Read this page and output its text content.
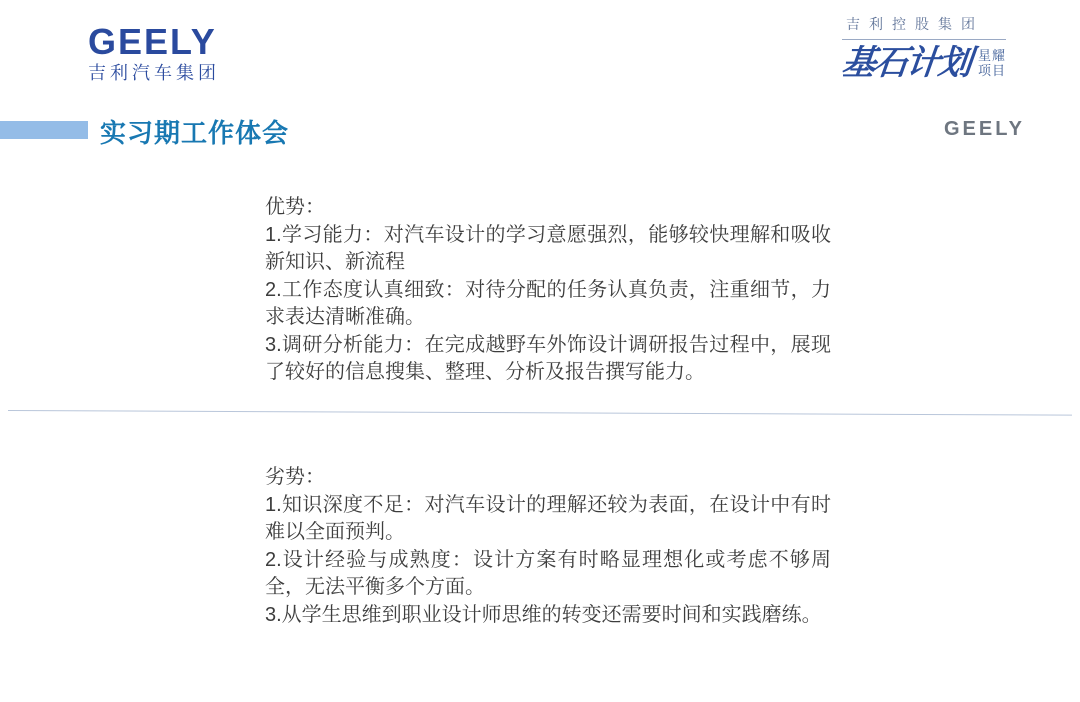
GEELY
吉利汽车集团
吉利控股集团
基石计划 星耀
项目
实习期工作体会	GEELY

优势：

1.学习能力：对汽车设计的学习意愿强烈，能够较快理解和吸收新知识、新流程

2.工作态度认真细致：对待分配的任务认真负责，注重细节，力求表达清晰准确。

3.调研分析能力：在完成越野车外饰设计调研报告过程中，展现了较好的信息搜集、整理、分析及报告撰写能力。

劣势：

1.知识深度不足：对汽车设计的理解还较为表面，在设计中有时难以全面预判。

2.设计经验与成熟度：设计方案有时略显理想化或考虑不够周全，无法平衡多个方面。

3.从学生思维到职业设计师思维的转变还需要时间和实践磨练。
